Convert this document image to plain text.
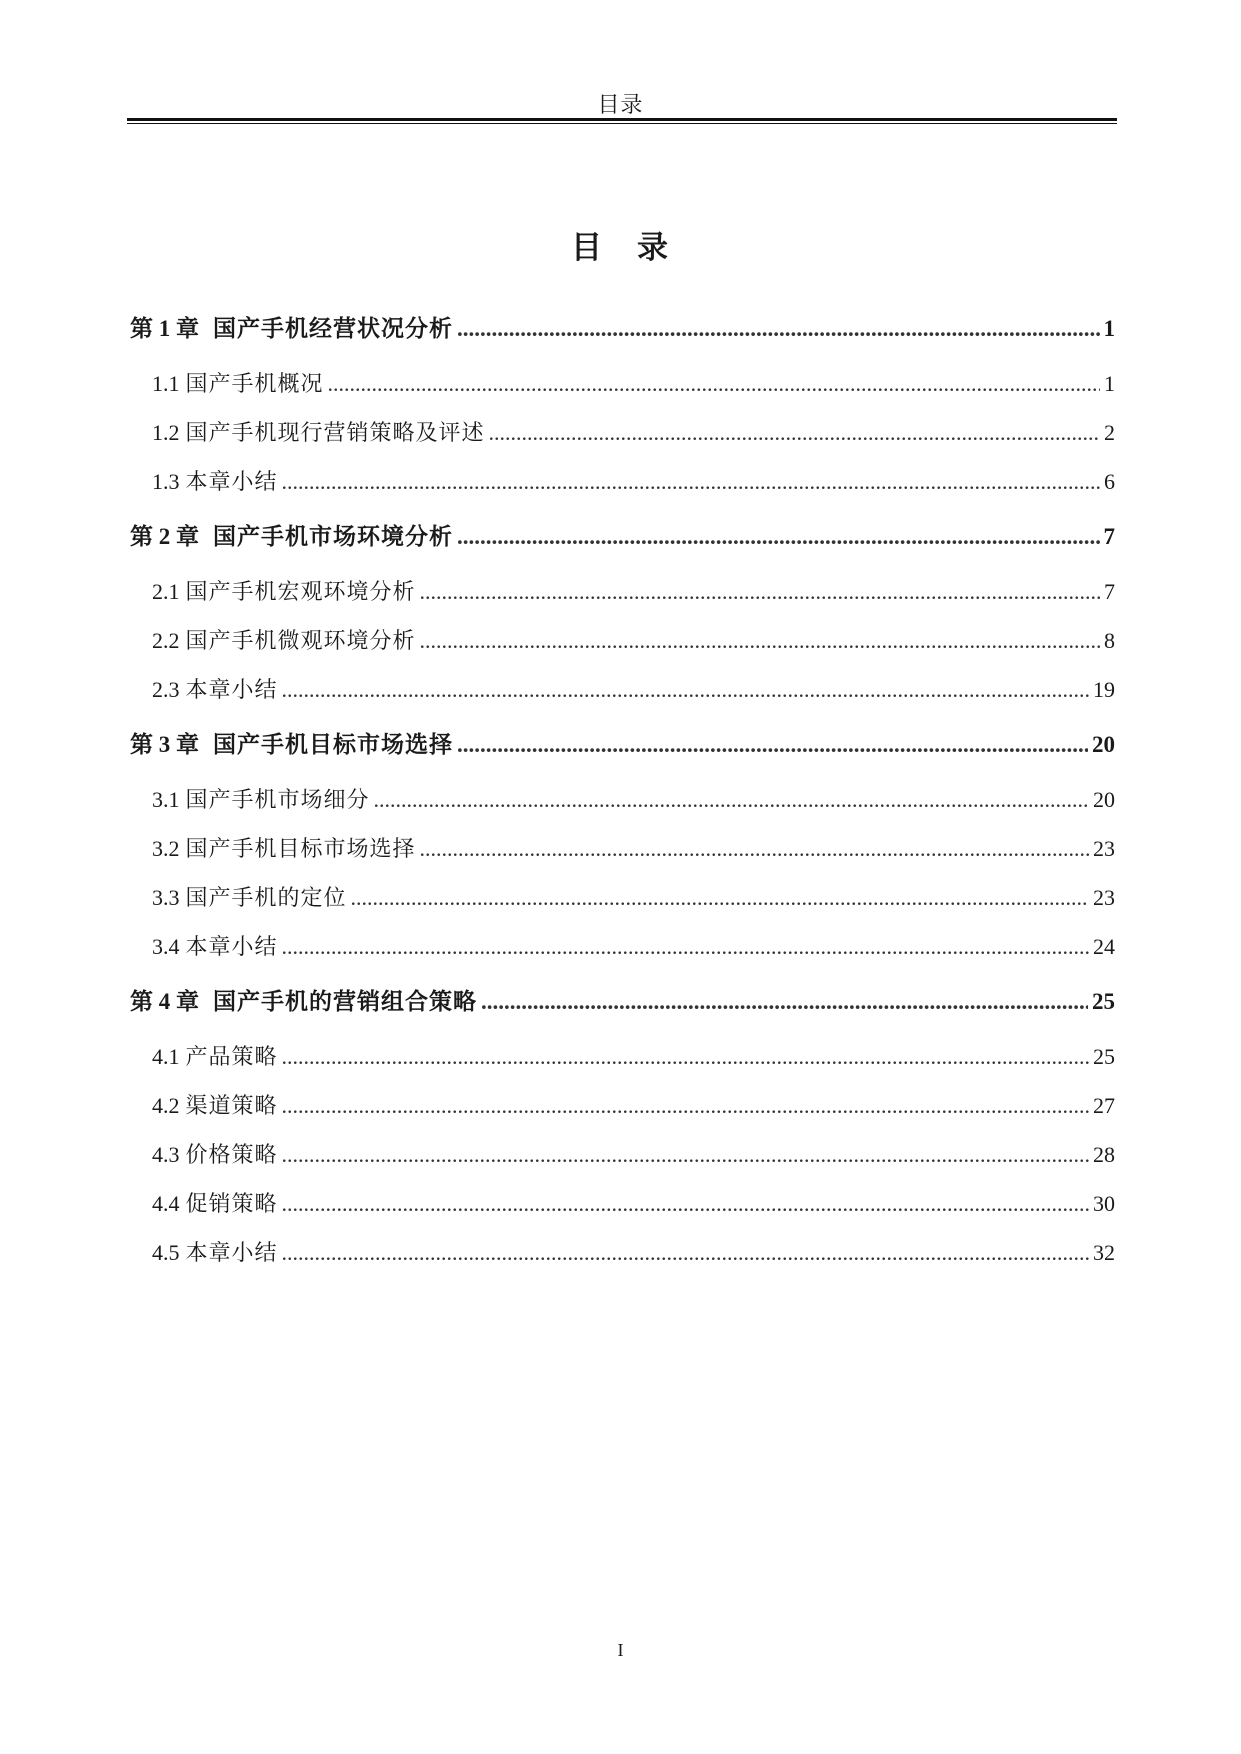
目录
目　录
第 1 章 国产手机经营状况分析 .....	1
1.1 国产手机概况 .....	1
1.2 国产手机现行营销策略及评述 .....	2
1.3 本章小结 .....	6
第 2 章 国产手机市场环境分析 .....	7
2.1 国产手机宏观环境分析 .....	7
2.2 国产手机微观环境分析 .....	8
2.3 本章小结 .....	19
第 3 章 国产手机目标市场选择 .....	20
3.1 国产手机市场细分 .....	20
3.2 国产手机目标市场选择 .....	23
3.3 国产手机的定位 .....	23
3.4 本章小结 .....	24
第 4 章 国产手机的营销组合策略 .....	25
4.1 产品策略 .....	25
4.2 渠道策略 .....	27
4.3 价格策略 .....	28
4.4 促销策略 .....	30
4.5 本章小结 .....	32
I
